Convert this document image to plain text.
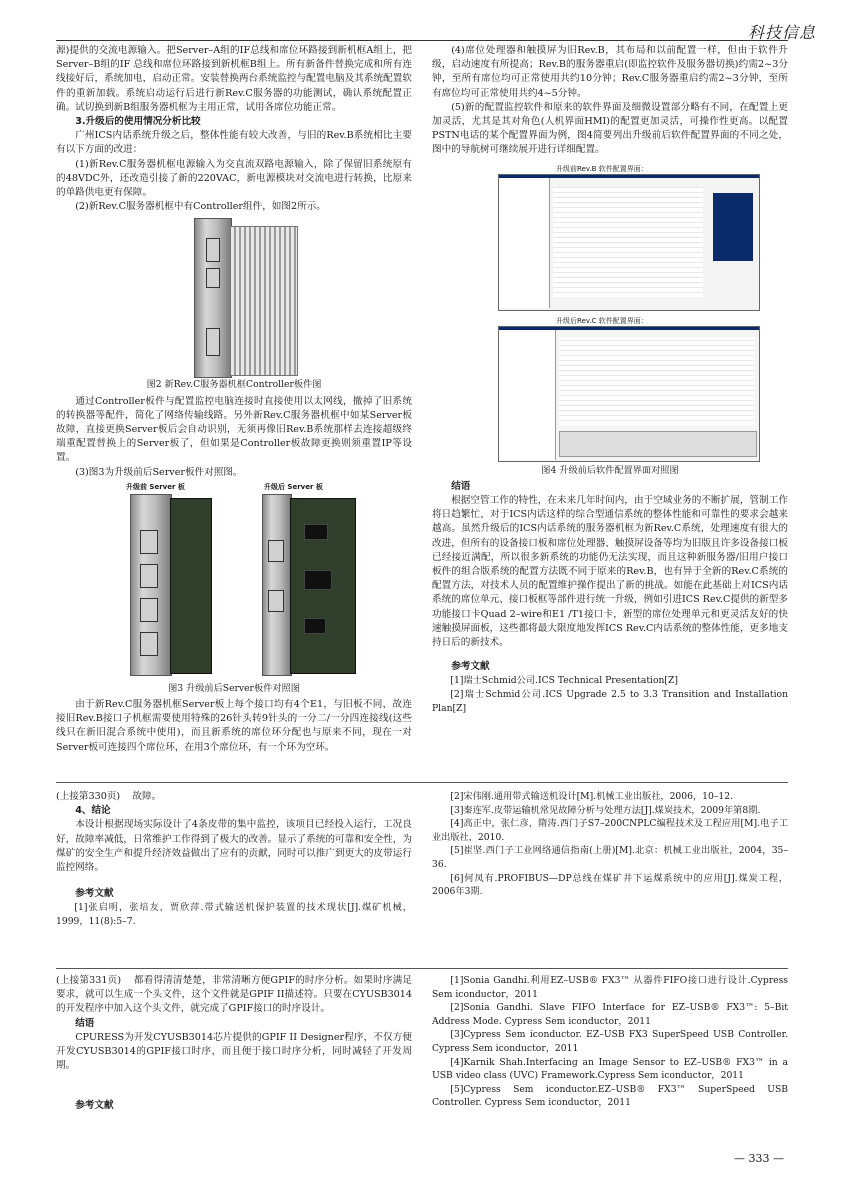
科技信息

源)提供的交流电源输入。把Server–A组的IF总线和席位环路接到新机框A组上，把Server–B组的IF 总线和席位环路接到新机框B组上。所有新备件替换完成和所有连线接好后，系统加电，启动正常。安装替换两台系统监控与配置电脑及其系统配置软件的重新加载。系统启动运行后进行新Rev.C服务器的功能测试，确认系统配置正确。试切换到新B组服务器机框为主用正常，试用各席位功能正常。

3.升级后的使用情况分析比较

广州ICS内话系统升级之后，整体性能有较大改善，与旧的Rev.B系统相比主要有以下方面的改进：

(1)新Rev.C服务器机框电源输入为交直流双路电源输入，除了保留旧系统原有的48VDC外，还改造引接了新的220VAC，新电源模块对交流电进行转换，比原来的单路供电更有保障。

(2)新Rev.C服务器机框中有Controller组件，如图2所示。

图2 新Rev.C服务器机框Controller板件图

通过Controller板件与配置监控电脑连接时直接使用以太网线，撤掉了旧系统的转换器等配件，简化了网络传输线路。另外新Rev.C服务器机框中如某Server板故障，直接更换Server板后会自动识别，无须再像旧Rev.B系统那样去连接超级终端重配置替换上的Server板了，但如果是Controller板故障更换则须重置IP等设置。

(3)图3为升级前后Server板件对照图。

升级前 Server 板	升级后 Server 板
图3 升级前后Server板件对照图

由于新Rev.C服务器机框Server板上每个接口均有4个E1，与旧板不同，故连接旧Rev.B接口子机框需要使用特殊的26针头转9针头的一分二/一分四连接线(这些线只在新旧混合系统中使用)，而且新系统的席位环分配也与原来不同，现在一对Server板可连接四个席位环，在用3个席位环，有一个环为空环。

(4)席位处理器和触摸屏为旧Rev.B，其布局和以前配置一样，但由于软件升级，启动速度有所提高；Rev.B的服务器重启(即监控软件及服务器切换)约需2~3分钟，至所有席位均可正常使用共约10分钟；Rev.C服务器重启约需2~3分钟，至所有席位均可正常使用共约4~5分钟。

(5)新的配置监控软件和原来的软件界面及细微设置部分略有不同，在配置上更加灵活，尤其是其对角色(人机界面HMI)的配置更加灵活，可操作性更高。以配置PSTN电话的某个配置界面为例，图4简要列出升级前后软件配置界面的不同之处，图中的导航树可继续展开进行详细配置。

升级前Rev.B 软件配置界面：
升级后Rev.C 软件配置界面：
图4 升级前后软件配置界面对照图
结语

根据空管工作的特性，在未来几年时间内，由于空域业务的不断扩展，管制工作将日趋繁忙，对于ICS内话这样的综合型通信系统的整体性能和可靠性的要求会越来越高。虽然升级后的ICS内话系统的服务器机框为新Rev.C系统，处理速度有很大的改进，但所有的设备接口板和席位处理器、触摸屏设备等均为旧版且许多设备接口板已经接近满配，所以很多新系统的功能仍无法实现，而且这种新服务器/旧用户接口板件的组合版系统的配置方法既不同于原来的Rev.B，也有异于全新的Rev.C系统的配置方法，对技术人员的配置维护操作提出了新的挑战。如能在此基础上对ICS内话系统的席位单元、接口板框等部件进行统一升级，例如引进ICS Rev.C提供的新型多功能接口卡Quad 2–wire和E1 /T1接口卡，新型的席位处理单元和更灵活友好的快速触摸屏面板，这些都将最大限度地发挥ICS Rev.C内话系统的整体性能，更多地支持日后的新技术。

参考文献

[1]瑞士Schmid公司.ICS Technical Presentation[Z]

[2]瑞士Schmid公司.ICS Upgrade 2.5 to 3.3 Transition and Installation Plan[Z]

(上接第330页) 故障。

4、结论

本设计根据现场实际设计了4条皮带的集中监控，该项目已经投入运行，工况良好，故障率减低，日常维护工作得到了极大的改善。显示了系统的可靠和安全性，为煤矿的安全生产和提升经济效益做出了应有的贡献，同时可以推广到更大的皮带运行监控网络。

参考文献

[1]张启明，张培友，贾欣萍.带式输送机保护装置的技术现状[J].煤矿机械，1999，11(8):5–7.

[2]宋伟刚.通用带式输送机设计[M].机械工业出版社，2006，10–12.

[3]秦连军.皮带运输机常见故障分析与处理方法[J].煤炭技术，2009年第8期.

[4]高正中，张仁彦，隋涛.西门子S7–200CNPLC编程技术及工程应用[M].电子工业出版社，2010.

[5]崔坚.西门子工业网络通信指南(上册)[M].北京：机械工业出版社，2004，35–36.

[6]何凤有.PROFIBUS—DP总线在煤矿井下运煤系统中的应用[J].煤炭工程，2006年3期.

(上接第331页) 都看得清清楚楚，非常清晰方便GPIF的时序分析。如果时序满足要求，就可以生成一个头文件，这个文件就是GPIF II描述符。只要在CYUSB3014的开发程序中加入这个头文件，就完成了GPIF接口的时序设计。

结语

CPURESS为开发CYUSB3014芯片提供的GPIF II Designer程序，不仅方便开发CYUSB3014的GPIF接口时序，而且便于接口时序分析，同时减轻了开发周期。

参考文献

[1]Sonia Gandhi.利用EZ–USB® FX3™ 从器件FIFO接口进行设计.Cypress Sem iconductor，2011

[2]Sonia Gandhi. Slave FIFO Interface for EZ–USB® FX3™: 5–Bit Address Mode. Cypress Sem iconductor，2011

[3]Cypress Sem iconductor. EZ–USB FX3 SuperSpeed USB Controller. Cypress Sem iconductor，2011

[4]Karnik Shah.Interfacing an Image Sensor to EZ–USB® FX3™ in a USB video class (UVC) Framework.Cypress Sem iconductor，2011

[5]Cypress Sem iconductor.EZ–USB® FX3™ SuperSpeed USB Controller. Cypress Sem iconductor，2011

— 333 —
